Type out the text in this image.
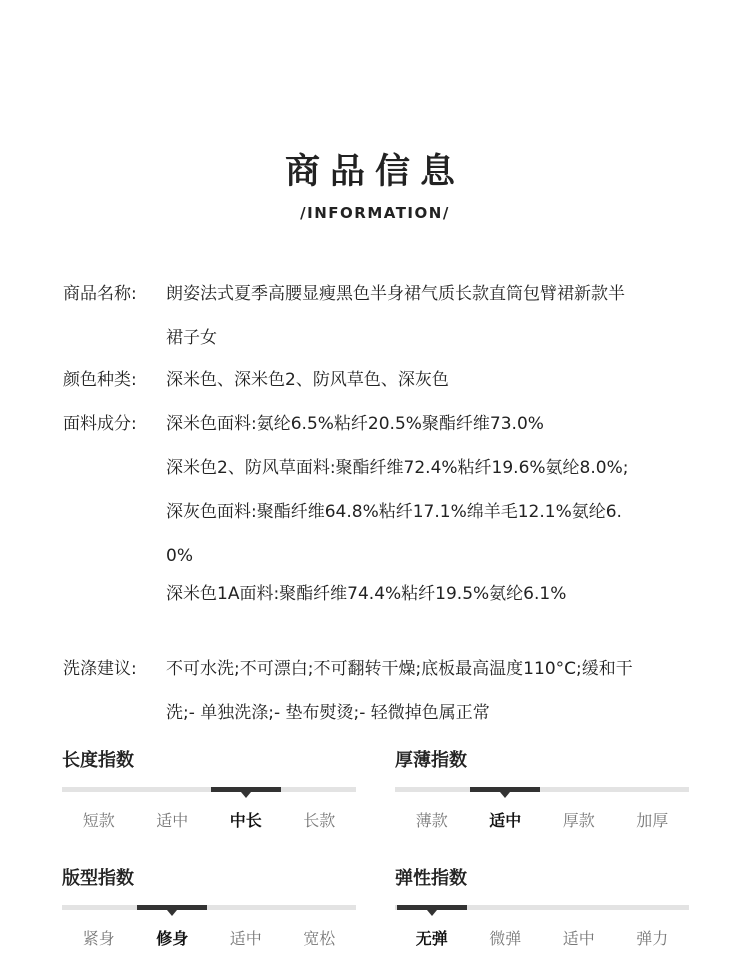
商品信息
/INFORMATION/
商品名称: 朗姿法式夏季高腰显瘦黑色半身裙气质长款直筒包臂裙新款半
裙子女
颜色种类: 深米色、深米色2、防风草色、深灰色
面料成分: 深米色面料:氨纶6.5%粘纤20.5%聚酯纤维73.0%
深米色2、防风草面料:聚酯纤维72.4%粘纤19.6%氨纶8.0%;
深灰色面料:聚酯纤维64.8%粘纤17.1%绵羊毛12.1%氨纶6.
0%
深米色1A面料:聚酯纤维74.4%粘纤19.5%氨纶6.1%
洗涤建议: 不可水洗;不可漂白;不可翻转干燥;底板最高温度110°C;缓和干
洗;- 单独洗涤;- 垫布熨烫;- 轻微掉色属正常
长度指数
短款	适中	中长	长款
厚薄指数
薄款	适中	厚款	加厚
版型指数
紧身	修身	适中	宽松
弹性指数
无弹	微弹	适中	弹力
